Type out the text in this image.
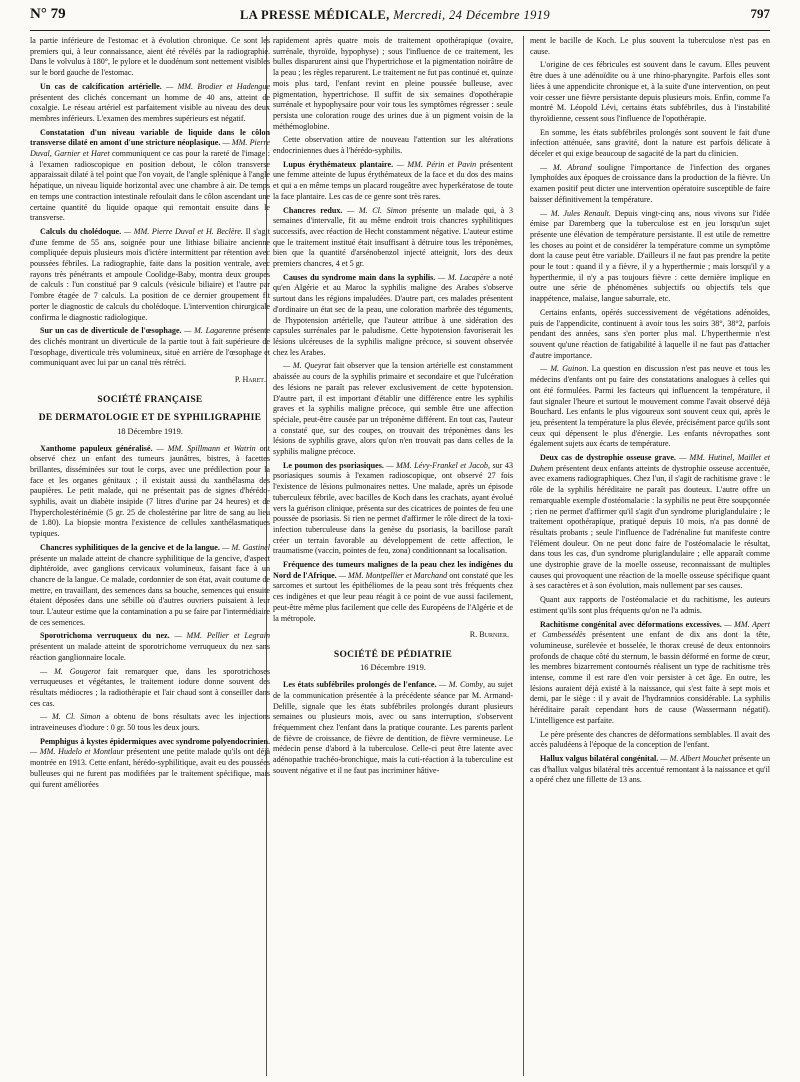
N° 79	LA PRESSE MÉDICALE, Mercredi, 24 Décembre 1919	797

la partie inférieure de l'estomac et à évolution chronique. Ce sont les premiers qui, à leur connaissance, aient été révélés par la radiographie. Dans le volvulus à 180°, le pylore et le duodénum sont nettement visibles sur le bord gauche de l'estomac.

Un cas de calcification artérielle. — MM. Brodier et Hadengue présentent des clichés concernant un homme de 40 ans, atteint de coxalgie. Le réseau artériel est parfaitement visible au niveau des deux membres inférieurs. L'examen des membres supérieurs est négatif.

Constatation d'un niveau variable de liquide dans le côlon transverse dilaté en amont d'une stricture néoplasique. — MM. Pierre Duval, Garnier et Haret communiquent ce cas pour la rareté de l'image : à l'examen radioscopique en position debout, le côlon transverse apparaissait dilaté à tel point que l'on voyait, de l'angle splénique à l'angle hépatique, un niveau liquide horizontal avec une chambre à air. De temps en temps une contraction intestinale refoulait dans le côlon ascendant une certaine quantité du liquide opaque qui remontait ensuite dans le transverse.

Calculs du cholédoque. — MM. Pierre Duval et H. Beclère. Il s'agit d'une femme de 55 ans, soignée pour une lithiase biliaire ancienne compliquée depuis plusieurs mois d'ictère intermittent par rétention avec poussées fébriles. La radiographie, faite dans la position ventrale, avec rayons très pénétrants et ampoule Coolidge-Baby, montra deux groupes de calculs : l'un constitué par 9 calculs (vésicule biliaire) et l'autre par l'ombre étagée de 7 calculs. La position de ce dernier groupement fit porter le diagnostic de calculs du cholédoque. L'intervention chirurgicale confirma le diagnostic radiologique.

Sur un cas de diverticule de l'œsophage. — M. Lagarenne présente des clichés montrant un diverticule de la partie tout à fait supérieure de l'œsophage, diverticule très volumineux, situé en arrière de l'œsophage et communiquant avec lui par un canal très rétréci.

P. Haret.
SOCIÉTÉ FRANÇAISE
DE DERMATOLOGIE ET DE SYPHILIGRAPHIE
18 Décembre 1919.

Xanthome papuleux généralisé. — MM. Spillmann et Watrin ont observé chez un enfant des tumeurs jaunâtres, bistres, à facettes brillantes, disséminées sur tout le corps, avec une prédilection pour la face et les organes génitaux ; il existait aussi du xanthélasma des paupières. Le petit malade, qui ne présentait pas de signes d'hérédo-syphilis, avait un diabète insipide (7 litres d'urine par 24 heures) et de l'hypercholestérinémie (5 gr. 25 de cholestérine par litre de sang au lieu de 1.80). La biopsie montra l'existence de cellules xanthélasmatiques typiques.

Chancres syphilitiques de la gencive et de la langue. — M. Gastinel présente un malade atteint de chancre syphilitique de la gencive, d'aspect diphtéroïde, avec ganglions cervicaux volumineux, faisant face à un chancre de la langue. Ce malade, cordonnier de son état, avait coutume de mettre, en travaillant, des semences dans sa bouche, semences qui ensuite étaient déposées dans une sébille où d'autres ouvriers puisaient à leur tour. L'auteur estime que la contamination a pu se faire par l'intermédiaire de ces semences.

Sporotrichoma verruqueux du nez. — MM. Pellier et Legrain présentent un malade atteint de sporotrichome verruqueux du nez sans réaction ganglionnaire locale.

— M. Gougerot fait remarquer que, dans les sporotrichoses verruqueuses et végétantes, le traitement iodure donne souvent des résultats médiocres ; la radiothérapie et l'air chaud sont à conseiller dans ces cas.

— M. Cl. Simon a obtenu de bons résultats avec les injections intraveineuses d'iodure : 0 gr. 50 tous les deux jours.

Pemphigus à kystes épidermiques avec syndrome polyendocrinien. — MM. Hudelo et Montlaur présentent une petite malade qu'ils ont déjà montrée en 1913. Cette enfant, hérédo-syphilitique, avait eu des poussées bulleuses qui ne furent pas modifiées par le traitement spécifique, mais qui furent améliorées

rapidement après quatre mois de traitement opothérapique (ovaire, surrénale, thyroïde, hypophyse) ; sous l'influence de ce traitement, les bulles disparurent ainsi que l'hypertrichose et la pigmentation noirâtre de la peau ; les règles reparurent. Le traitement ne fut pas continué et, quinze mois plus tard, l'enfant revint en pleine poussée bulleuse, avec pigmentation, hypertrichose. Il suffit de six semaines d'opothérapie surrénale et hypophysaire pour voir tous les symptômes régresser : seule persista une coloration rouge des urines due à un pigment voisin de la méthémoglobine.

Cette observation attire de nouveau l'attention sur les altérations endocriniennes dues à l'hérédo-syphilis.

Lupus érythémateux plantaire. — MM. Périn et Pavin présentent une femme atteinte de lupus érythémateux de la face et du dos des mains et qui a en même temps un placard rougeâtre avec hyperkératose de toute la face plantaire. Les cas de ce genre sont très rares.

Chancres redux. — M. Cl. Simon présente un malade qui, à 3 semaines d'intervalle, fit au même endroit trois chancres syphilitiques successifs, avec réaction de Hecht constamment négative. L'auteur estime que le traitement institué était insuffisant à détruire tous les tréponèmes, bien que la quantité d'arsénobenzol injecté atteignit, lors des deux premiers chancres, 4 et 5 gr.

Causes du syndrome main dans la syphilis. — M. Lacapère a noté qu'en Algérie et au Maroc la syphilis maligne des Arabes s'observe surtout dans les régions impaludées. D'autre part, ces malades présentent d'ordinaire un état sec de la peau, une coloration marbrée des téguments, de l'hypotension artérielle, que l'auteur attribue à une sidération des capsules surrénales par le paludisme. Cette hypotension favoriserait les lésions ulcéreuses de la syphilis maligne précoce, si souvent observée chez les Arabes.

— M. Queyrat fait observer que la tension artérielle est constamment abaissée au cours de la syphilis primaire et secondaire et que l'ulcération des lésions ne paraît pas relever exclusivement de cette hypotension. D'autre part, il est important d'établir une différence entre les syphilis graves et la syphilis maligne précoce, qui semble être une affection spéciale, peut-être causée par un tréponème différent. En tout cas, l'auteur a constaté que, sur des coupes, on trouvait des tréponèmes dans les lésions de syphilis grave, alors qu'on n'en trouvait pas dans celles de la syphilis maligne précoce.

Le poumon des psoriasiques. — MM. Lévy-Frankel et Jacob, sur 43 psoriasiques soumis à l'examen radioscopique, ont observé 27 fois l'existence de lésions pulmonaires nettes. Une malade, après un épisode tuberculeux fébrile, avec bacilles de Koch dans les crachats, ayant évolué vers la guérison clinique, présenta sur des cicatrices de pointes de feu une poussée de psoriasis. Si rien ne permet d'affirmer le rôle direct de la toxi-infection tuberculeuse dans la genèse du psoriasis, la bacillose paraît créer un terrain favorable au développement de cette affection, le traumatisme (vaccin, pointes de feu, zona) conditionnant sa localisation.

Fréquence des tumeurs malignes de la peau chez les indigènes du Nord de l'Afrique. — MM. Montpellier et Marchand ont constaté que les sarcomes et surtout les épithéliomes de la peau sont très fréquents chez ces indigènes et que leur peau réagit à ce point de vue aussi facilement, peut-être même plus facilement que celle des Européens de l'Algérie et de la métropole.

R. Burnier.
SOCIÉTÉ DE PÉDIATRIE
16 Décembre 1919.

Les états subfébriles prolongés de l'enfance. — M. Comby, au sujet de la communication présentée à la précédente séance par M. Armand-Delille, signale que les états subfébriles prolongés durant plusieurs semaines ou plusieurs mois, avec ou sans interruption, s'observent fréquemment chez l'enfant dans la pratique courante. Les parents parlent de fièvre de croissance, de fièvre de dentition, de fièvre vermineuse. Le médecin pense d'abord à la tuberculose. Celle-ci peut être latente avec adénopathie trachéo-bronchique, mais la cuti-réaction à la tuberculine est souvent négative et il ne faut pas incriminer hâtive-

ment le bacille de Koch. Le plus souvent la tuberculose n'est pas en cause.

L'origine de ces fébricules est souvent dans le cavum. Elles peuvent être dues à une adénoïdite ou à une rhino-pharyngite. Parfois elles sont liées à une appendicite chronique et, à la suite d'une intervention, on peut voir cesser une fièvre persistante depuis plusieurs mois. Enfin, comme l'a montré M. Léopold Lévi, certains états subfébriles, dus à l'instabilité thyroïdienne, cessent sous l'influence de l'opothérapie.

En somme, les états subfébriles prolongés sont souvent le fait d'une infection atténuée, sans gravité, dont la nature est parfois délicate à déceler et qui exige beaucoup de sagacité de la part du clinicien.

— M. Abrand souligne l'importance de l'infection des organes lymphoïdes aux époques de croissance dans la production de la fièvre. Un examen positif peut dicter une intervention opératoire susceptible de faire baisser définitivement la température.

— M. Jules Renault. Depuis vingt-cinq ans, nous vivons sur l'idée émise par Daremberg que la tuberculose est en jeu lorsqu'un sujet présente une élévation de température persistante. Il est utile de remettre les choses au point et de considérer la température comme un symptôme dont la cause peut être variable. D'ailleurs il ne faut pas prendre la petite pour le tout : quand il y a fièvre, il y a hyperthermie ; mais lorsqu'il y a hyperthermie, il n'y a pas toujours fièvre : cette dernière implique en outre une série de phénomènes subjectifs ou objectifs tels que inappétence, malaise, langue saburrale, etc.

Certains enfants, opérés successivement de végétations adénoïdes, puis de l'appendicite, continuent à avoir tous les soirs 38°, 38°2, parfois pendant des années, sans s'en porter plus mal. L'hyperthermie n'est souvent qu'une réaction de fatigabilité à laquelle il ne faut pas d'attacher d'autre importance.

— M. Guinon. La question en discussion n'est pas neuve et tous les médecins d'enfants ont pu faire des constatations analogues à celles qui ont été formulées. Parmi les facteurs qui influencent la température, il faut signaler l'heure et surtout le mouvement comme l'avait observé déjà Bouchard. Les enfants le plus vigoureux sont souvent ceux qui, après le jeu, présentent la température la plus élevée, précisément parce qu'ils sont ceux qui dépensent le plus d'énergie. Les enfants névropathes sont également sujets aux écarts de température.

Deux cas de dystrophie osseuse grave. — MM. Hutinel, Maillet et Duhem présentent deux enfants atteints de dystrophie osseuse accentuée, avec examens radiographiques. Chez l'un, il s'agit de rachitisme grave : le rôle de la syphilis héréditaire ne paraît pas douteux. L'autre offre un remarquable exemple d'ostéomalacie : la syphilis ne peut être soupçonnée ; rien ne permet d'affirmer qu'il s'agit d'un syndrome pluriglandulaire ; le traitement opothérapique, pratiqué depuis 10 mois, n'a pas donné de résultats probants ; seule l'influence de l'adrénaline fut manifeste contre l'élément douleur. On ne peut donc faire de l'ostéomalacie le résultat, dans tous les cas, d'un syndrome pluriglandulaire ; elle apparaît comme une dystrophie grave de la moelle osseuse, reconnaissant de multiples causes qui provoquent une réaction de la moelle osseuse spécifique quant à ses caractères et à son évolution, mais nullement par ses causes.

Quant aux rapports de l'ostéomalacie et du rachitisme, les auteurs estiment qu'ils sont plus fréquents qu'on ne l'a admis.

Rachitisme congénital avec déformations excessives. — MM. Apert et Cambessédès présentent une enfant de dix ans dont la tête, volumineuse, surélevée et bosselée, le thorax creusé de deux entonnoirs profonds de chaque côté du sternum, le bassin déformé en forme de cœur, les membres bizarrement contournés réalisent un type de rachitisme très intense, comme il est rare d'en voir persister à cet âge. En outre, les lésions auraient déjà existé à la naissance, qui s'est faite à sept mois et demi, par le siège : il y avait de l'hydramnios considérable. La syphilis héréditaire paraît cependant hors de cause (Wassermann négatif). L'intelligence est parfaite.

Le père présente des chancres de déformations semblables. Il avait des accès paludéens à l'époque de la conception de l'enfant.

Hallux valgus bilatéral congénital. — M. Albert Mouchet présente un cas d'hallux valgus bilatéral très accentué remontant à la naissance et qu'il a opéré chez une fillette de 13 ans.
